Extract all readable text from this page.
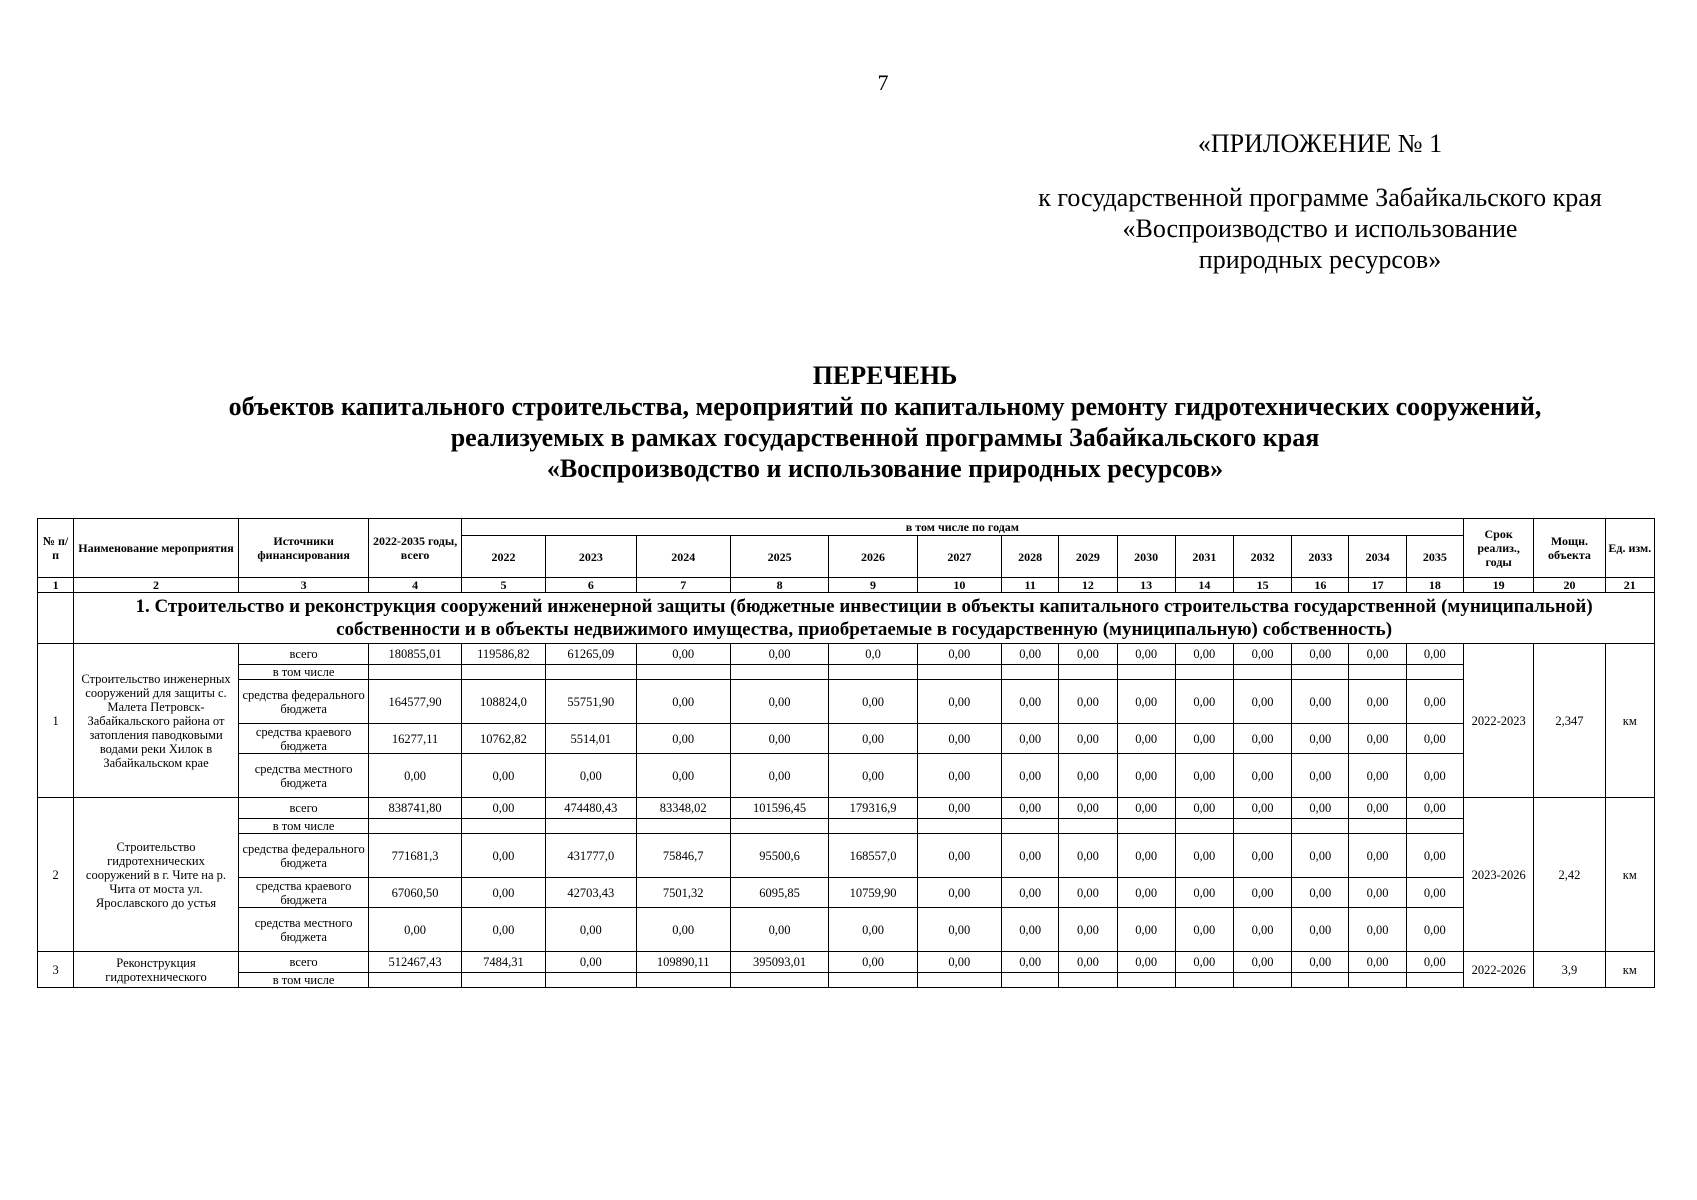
7
«ПРИЛОЖЕНИЕ № 1
к государственной программе Забайкальского края
«Воспроизводство и использование
природных ресурсов»
ПЕРЕЧЕНЬ
объектов капитального строительства, мероприятий по капитальному ремонту гидротехнических сооружений,
реализуемых в рамках государственной программы Забайкальского края
«Воспроизводство и использование природных ресурсов»
№ п/ п	Наименование мероприятия	Источники финансирования	2022-2035 годы, всего	в том числе по годам														Срок реализ., годы	Мощн. объекта	Ед. изм.
				2022	2023	2024	2025	2026	2027	2028	2029	2030	2031	2032	2033	2034	2035			
1	2	3	4	5	6	7	8	9	10	11	12	13	14	15	16	17	18	19	20	21
	1. Строительство и реконструкция сооружений инженерной защиты (бюджетные инвестиции в объекты капитального строительства государственной (муниципальной) собственности и в объекты недвижимого имущества, приобретаемые в государственную (муниципальную) собственность)																			
1	Строительство инженерных сооружений для защиты с. Малета Петровск-Забайкальского района от затопления паводковыми водами реки Хилок в Забайкальском крае	всего	180855,01	119586,82	61265,09	0,00	0,00	0,0	0,00	0,00	0,00	0,00	0,00	0,00	0,00	0,00	0,00	2022-2023	2,347	км
		в том числе																		
		средства федерального бюджета	164577,90	108824,0	55751,90	0,00	0,00	0,00	0,00	0,00	0,00	0,00	0,00	0,00	0,00	0,00	0,00			
		средства краевого бюджета	16277,11	10762,82	5514,01	0,00	0,00	0,00	0,00	0,00	0,00	0,00	0,00	0,00	0,00	0,00	0,00			
		средства местного бюджета	0,00	0,00	0,00	0,00	0,00	0,00	0,00	0,00	0,00	0,00	0,00	0,00	0,00	0,00	0,00			
2	Строительство гидротехнических сооружений в г. Чите на р. Чита от моста ул. Ярославского до устья	всего	838741,80	0,00	474480,43	83348,02	101596,45	179316,9	0,00	0,00	0,00	0,00	0,00	0,00	0,00	0,00	0,00	2023-2026	2,42	км
		в том числе																		
		средства федерального бюджета	771681,3	0,00	431777,0	75846,7	95500,6	168557,0	0,00	0,00	0,00	0,00	0,00	0,00	0,00	0,00	0,00			
		средства краевого бюджета	67060,50	0,00	42703,43	7501,32	6095,85	10759,90	0,00	0,00	0,00	0,00	0,00	0,00	0,00	0,00	0,00			
		средства местного бюджета	0,00	0,00	0,00	0,00	0,00	0,00	0,00	0,00	0,00	0,00	0,00	0,00	0,00	0,00	0,00			
3	Реконструкция гидротехнического	всего	512467,43	7484,31	0,00	109890,11	395093,01	0,00	0,00	0,00	0,00	0,00	0,00	0,00	0,00	0,00	0,00	2022-2026	3,9	км
		в том числе																		
